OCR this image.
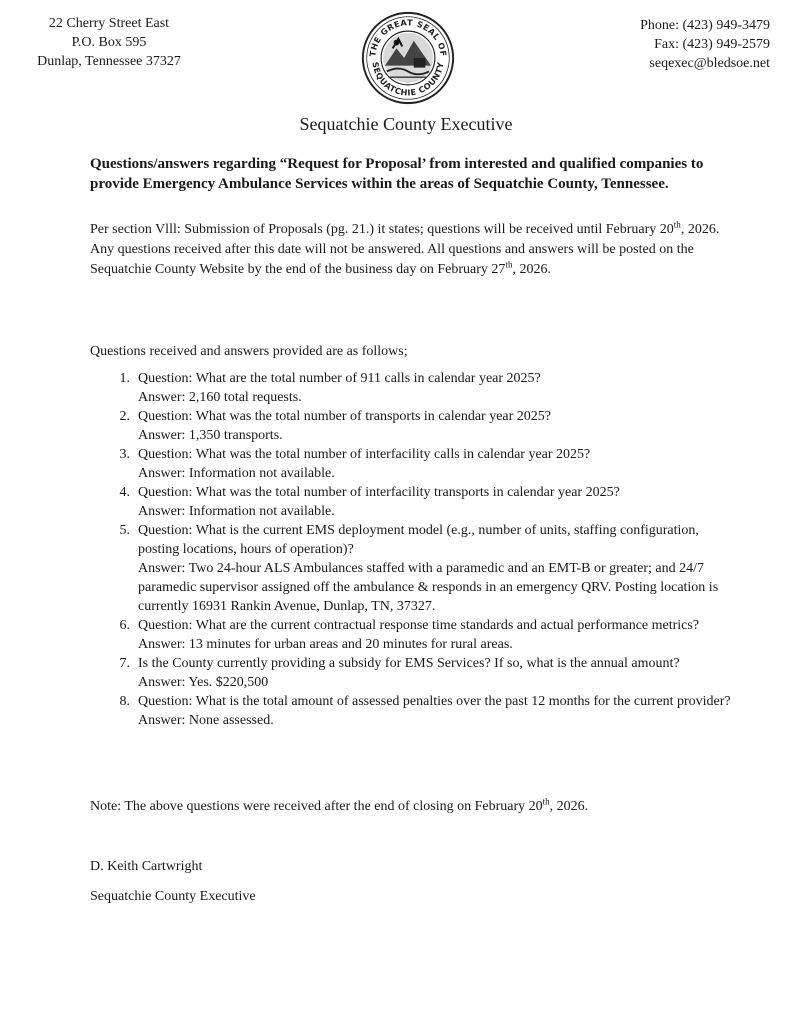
22 Cherry Street East
P.O. Box 595
Dunlap, Tennessee 37327
THE GREAT SEAL OF
SEQUATCHIE COUNTY
Phone: (423) 949-3479
Fax: (423) 949-2579
seqexec@bledsoe.net
Sequatchie County Executive
Questions/answers regarding “Request for Proposal’ from interested and qualified companies to provide Emergency Ambulance Services within the areas of Sequatchie County, Tennessee.
Per section Vlll: Submission of Proposals (pg. 21.) it states; questions will be received until February 20th, 2026. Any questions received after this date will not be answered. All questions and answers will be posted on the Sequatchie County Website by the end of the business day on February 27th, 2026.
Questions received and answers provided are as follows;
1. Question: What are the total number of 911 calls in calendar year 2025?
Answer: 2,160 total requests.
2. Question: What was the total number of transports in calendar year 2025?
Answer: 1,350 transports.
3. Question: What was the total number of interfacility calls in calendar year 2025?
Answer: Information not available.
4. Question: What was the total number of interfacility transports in calendar year 2025?
Answer: Information not available.
5. Question: What is the current EMS deployment model (e.g., number of units, staffing configuration, posting locations, hours of operation)?
Answer: Two 24-hour ALS Ambulances staffed with a paramedic and an EMT-B or greater; and 24/7 paramedic supervisor assigned off the ambulance & responds in an emergency QRV. Posting location is currently 16931 Rankin Avenue, Dunlap, TN, 37327.
6. Question: What are the current contractual response time standards and actual performance metrics?
Answer: 13 minutes for urban areas and 20 minutes for rural areas.
7. Is the County currently providing a subsidy for EMS Services? If so, what is the annual amount?
Answer: Yes. $220,500
8. Question: What is the total amount of assessed penalties over the past 12 months for the current provider?
Answer: None assessed.
Note: The above questions were received after the end of closing on February 20th, 2026.
D. Keith Cartwright
Sequatchie County Executive
